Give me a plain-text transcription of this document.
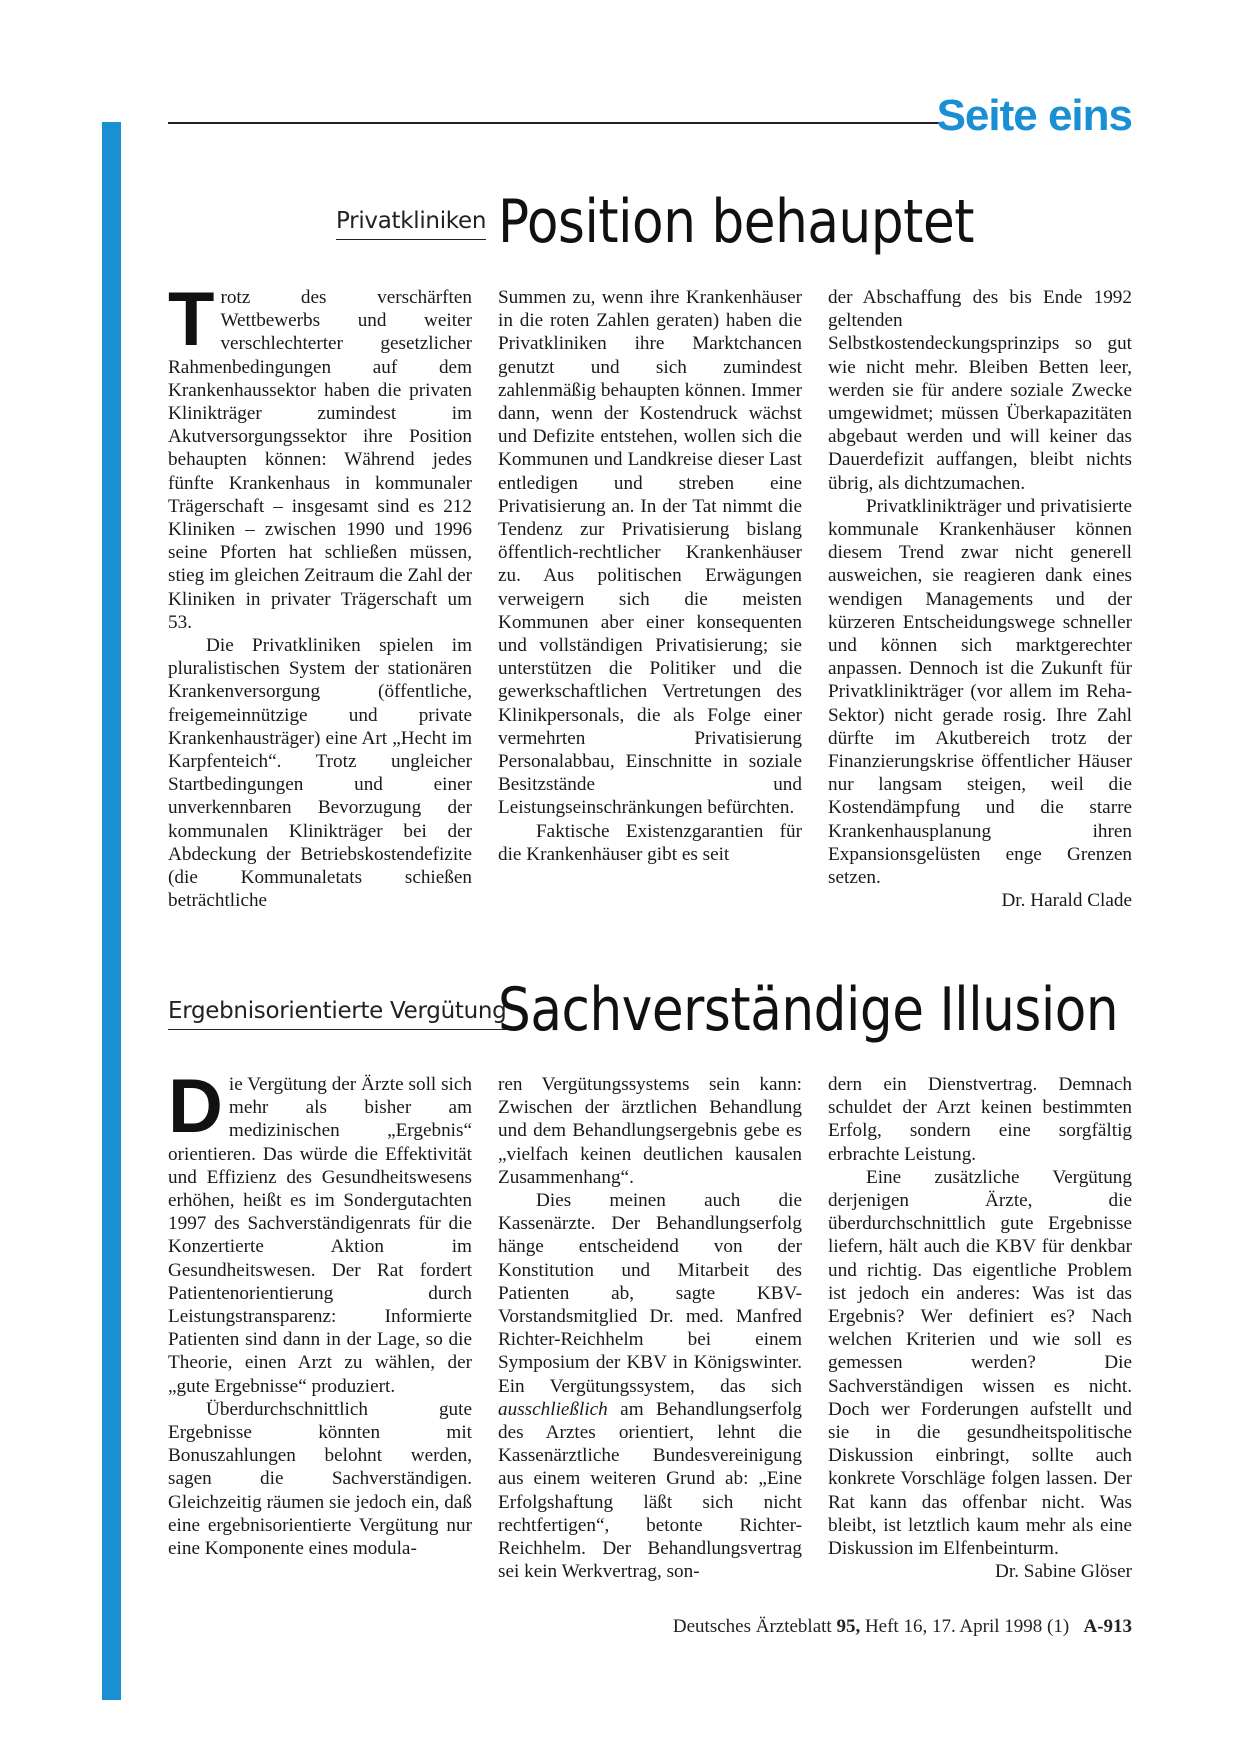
Seite eins
Privatkliniken Position behauptet

Trotz des verschärften Wettbewerbs und weiter verschlechterter gesetzlicher Rahmenbedingungen auf dem Krankenhaussektor haben die privaten Klinikträger zumindest im Akutversorgungssektor ihre Position behaupten können: Während jedes fünfte Krankenhaus in kommunaler Trägerschaft – insgesamt sind es 212 Kliniken – zwischen 1990 und 1996 seine Pforten hat schließen müssen, stieg im gleichen Zeitraum die Zahl der Kliniken in privater Trägerschaft um 53.

Die Privatkliniken spielen im pluralistischen System der stationären Krankenversorgung (öffentliche, freigemeinnützige und private Krankenhausträger) eine Art „Hecht im Karpfenteich“. Trotz ungleicher Startbedingungen und einer unverkennbaren Bevorzugung der kommunalen Klinikträger bei der Abdeckung der Betriebskostendefizite (die Kommunaletats schießen beträchtliche

Summen zu, wenn ihre Krankenhäuser in die roten Zahlen geraten) haben die Privatkliniken ihre Marktchancen genutzt und sich zumindest zahlenmäßig behaupten können. Immer dann, wenn der Kostendruck wächst und Defizite entstehen, wollen sich die Kommunen und Landkreise dieser Last entledigen und streben eine Privatisierung an. In der Tat nimmt die Tendenz zur Privatisierung bislang öffentlich-rechtlicher Krankenhäuser zu. Aus politischen Erwägungen verweigern sich die meisten Kommunen aber einer konsequenten und vollständigen Privatisierung; sie unterstützen die Politiker und die gewerkschaftlichen Vertretungen des Klinikpersonals, die als Folge einer vermehrten Privatisierung Personalabbau, Einschnitte in soziale Besitzstände und Leistungseinschränkungen befürchten.

Faktische Existenzgarantien für die Krankenhäuser gibt es seit

der Abschaffung des bis Ende 1992 geltenden Selbstkostendeckungsprinzips so gut wie nicht mehr. Bleiben Betten leer, werden sie für andere soziale Zwecke umgewidmet; müssen Überkapazitäten abgebaut werden und will keiner das Dauerdefizit auffangen, bleibt nichts übrig, als dichtzumachen.

Privatklinikträger und privatisierte kommunale Krankenhäuser können diesem Trend zwar nicht generell ausweichen, sie reagieren dank eines wendigen Managements und der kürzeren Entscheidungswege schneller und können sich marktgerechter anpassen. Dennoch ist die Zukunft für Privatklinikträger (vor allem im Reha-Sektor) nicht gerade rosig. Ihre Zahl dürfte im Akutbereich trotz der Finanzierungskrise öffentlicher Häuser nur langsam steigen, weil die Kostendämpfung und die starre Krankenhausplanung ihren Expansionsgelüsten enge Grenzen setzen.
Dr. Harald Clade

Ergebnisorientierte Vergütung
Sachverständige Illusion

Die Vergütung der Ärzte soll sich mehr als bisher am medizinischen „Ergebnis“ orientieren. Das würde die Effektivität und Effizienz des Gesundheitswesens erhöhen, heißt es im Sondergutachten 1997 des Sachverständigenrats für die Konzertierte Aktion im Gesundheitswesen. Der Rat fordert Patientenorientierung durch Leistungstransparenz: Informierte Patienten sind dann in der Lage, so die Theorie, einen Arzt zu wählen, der „gute Ergebnisse“ produziert.

Überdurchschnittlich gute Ergebnisse könnten mit Bonuszahlungen belohnt werden, sagen die Sachverständigen. Gleichzeitig räumen sie jedoch ein, daß eine ergebnisorientierte Vergütung nur eine Komponente eines modula-

ren Vergütungssystems sein kann: Zwischen der ärztlichen Behandlung und dem Behandlungsergebnis gebe es „vielfach keinen deutlichen kausalen Zusammenhang“.

Dies meinen auch die Kassenärzte. Der Behandlungserfolg hänge entscheidend von der Konstitution und Mitarbeit des Patienten ab, sagte KBV-Vorstandsmitglied Dr. med. Manfred Richter-Reichhelm bei einem Symposium der KBV in Königswinter. Ein Vergütungssystem, das sich ausschließlich am Behandlungserfolg des Arztes orientiert, lehnt die Kassenärztliche Bundesvereinigung aus einem weiteren Grund ab: „Eine Erfolgshaftung läßt sich nicht rechtfertigen“, betonte Richter-Reichhelm. Der Behandlungsvertrag sei kein Werkvertrag, son-

dern ein Dienstvertrag. Demnach schuldet der Arzt keinen bestimmten Erfolg, sondern eine sorgfältig erbrachte Leistung.

Eine zusätzliche Vergütung derjenigen Ärzte, die überdurchschnittlich gute Ergebnisse liefern, hält auch die KBV für denkbar und richtig. Das eigentliche Problem ist jedoch ein anderes: Was ist das Ergebnis? Wer definiert es? Nach welchen Kriterien und wie soll es gemessen werden? Die Sachverständigen wissen es nicht. Doch wer Forderungen aufstellt und sie in die gesundheitspolitische Diskussion einbringt, sollte auch konkrete Vorschläge folgen lassen. Der Rat kann das offenbar nicht. Was bleibt, ist letztlich kaum mehr als eine Diskussion im Elfenbeinturm.
Dr. Sabine Glöser

Deutsches Ärzteblatt 95, Heft 16, 17. April 1998 (1) A-913
